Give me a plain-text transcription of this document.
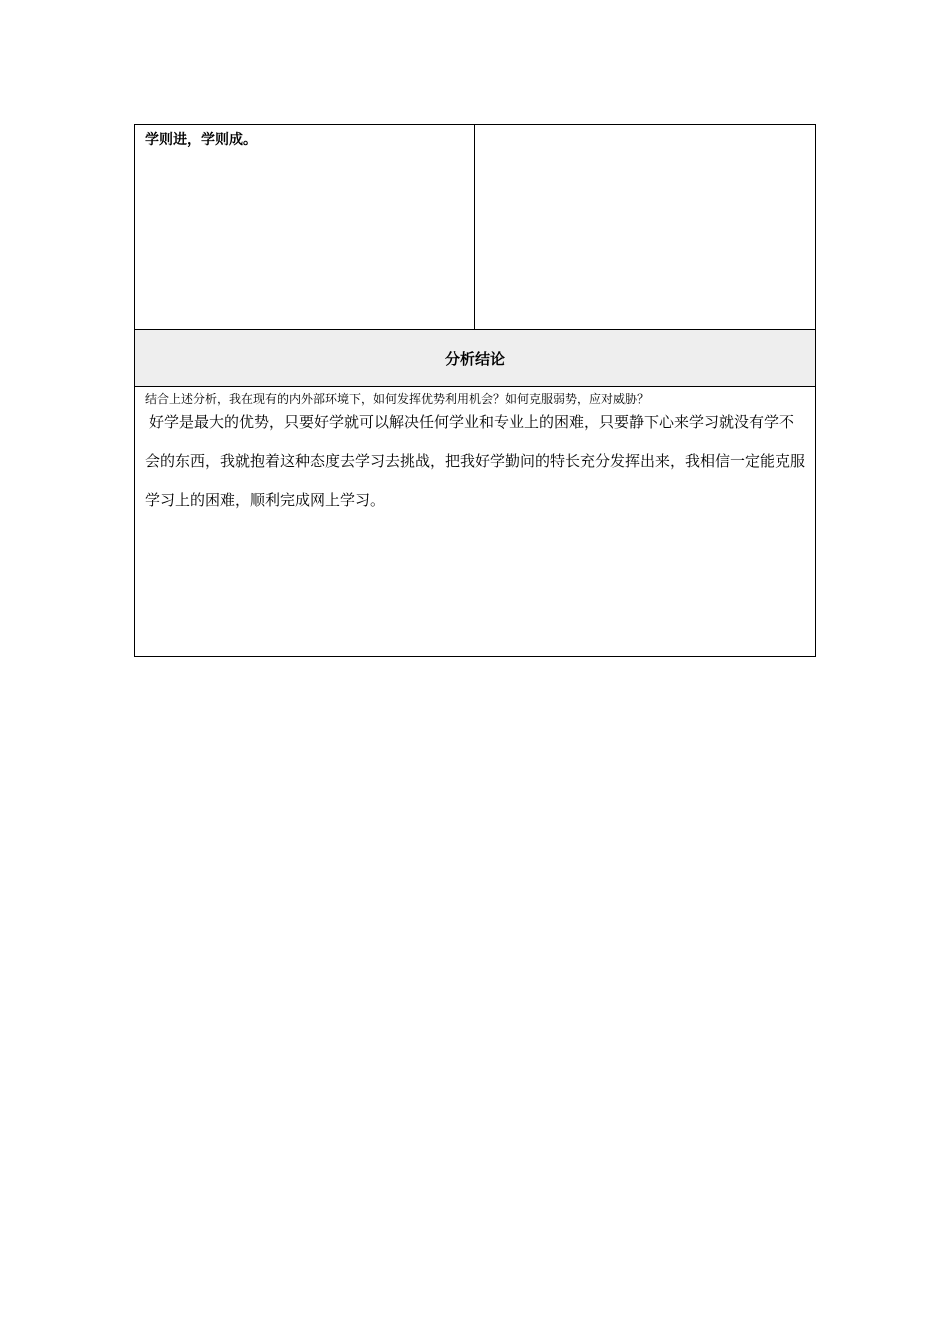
学则进，学则成。

分析结论

结合上述分析，我在现有的内外部环境下，如何发挥优势利用机会？如何克服弱势，应对威胁？

好学是最大的优势，只要好学就可以解决任何学业和专业上的困难，只要静下心来学习就没有学不会的东西，我就抱着这种态度去学习去挑战，把我好学勤问的特长充分发挥出来，我相信一定能克服学习上的困难，顺利完成网上学习。
